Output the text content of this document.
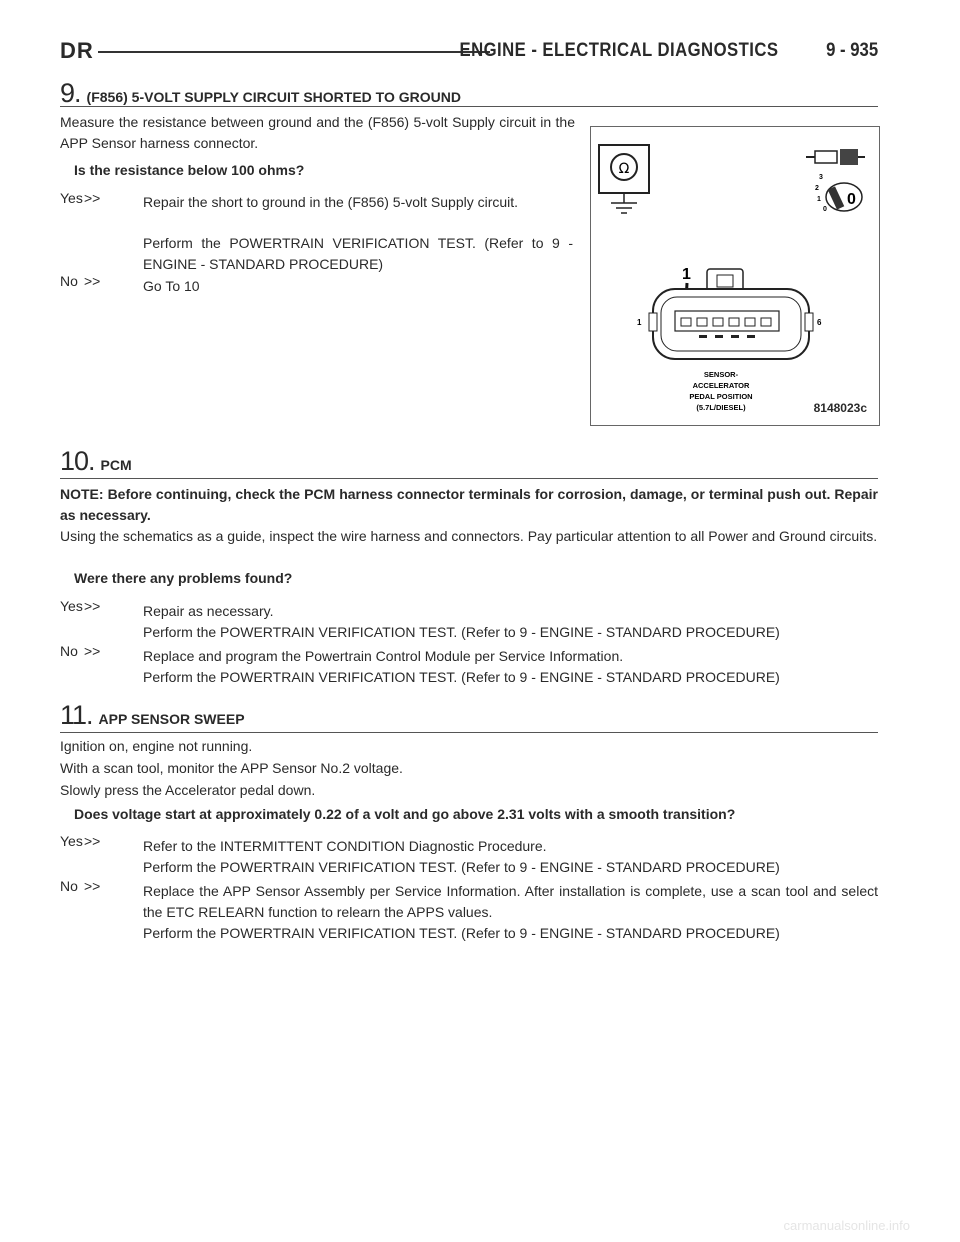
DR	ENGINE - ELECTRICAL DIAGNOSTICS	9 - 935
9. (F856) 5-VOLT SUPPLY CIRCUIT SHORTED TO GROUND

Measure the resistance between ground and the (F856) 5-volt Supply circuit in the APP Sensor harness connector.

Is the resistance below 100 ohms?

Yes>>	Repair the short to ground in the (F856) 5-volt Supply circuit.

Perform the POWERTRAIN VERIFICATION TEST. (Refer to 9 - ENGINE - STANDARD PROCEDURE)

No >>	Go To 10

Ω
3
2
1
0
0
1
1	6
SENSOR-
ACCELERATOR
PEDAL POSITION
(5.7L/DIESEL)	8148023c
10. PCM

NOTE: Before continuing, check the PCM harness connector terminals for corrosion, damage, or terminal push out. Repair as necessary.

Using the schematics as a guide, inspect the wire harness and connectors. Pay particular attention to all Power and Ground circuits.

Were there any problems found?

Yes>>	Repair as necessary.

Perform the POWERTRAIN VERIFICATION TEST. (Refer to 9 - ENGINE - STANDARD PROCEDURE)

No >>	Replace and program the Powertrain Control Module per Service Information.

Perform the POWERTRAIN VERIFICATION TEST. (Refer to 9 - ENGINE - STANDARD PROCEDURE)

11. APP SENSOR SWEEP

Ignition on, engine not running.

With a scan tool, monitor the APP Sensor No.2 voltage.

Slowly press the Accelerator pedal down.

Does voltage start at approximately 0.22 of a volt and go above 2.31 volts with a smooth transition?

Yes>>	Refer to the INTERMITTENT CONDITION Diagnostic Procedure.

Perform the POWERTRAIN VERIFICATION TEST. (Refer to 9 - ENGINE - STANDARD PROCEDURE)

No >>	Replace the APP Sensor Assembly per Service Information. After installation is complete, use a scan tool and select the ETC RELEARN function to relearn the APPS values.

Perform the POWERTRAIN VERIFICATION TEST. (Refer to 9 - ENGINE - STANDARD PROCEDURE)

carmanualsonline.info
